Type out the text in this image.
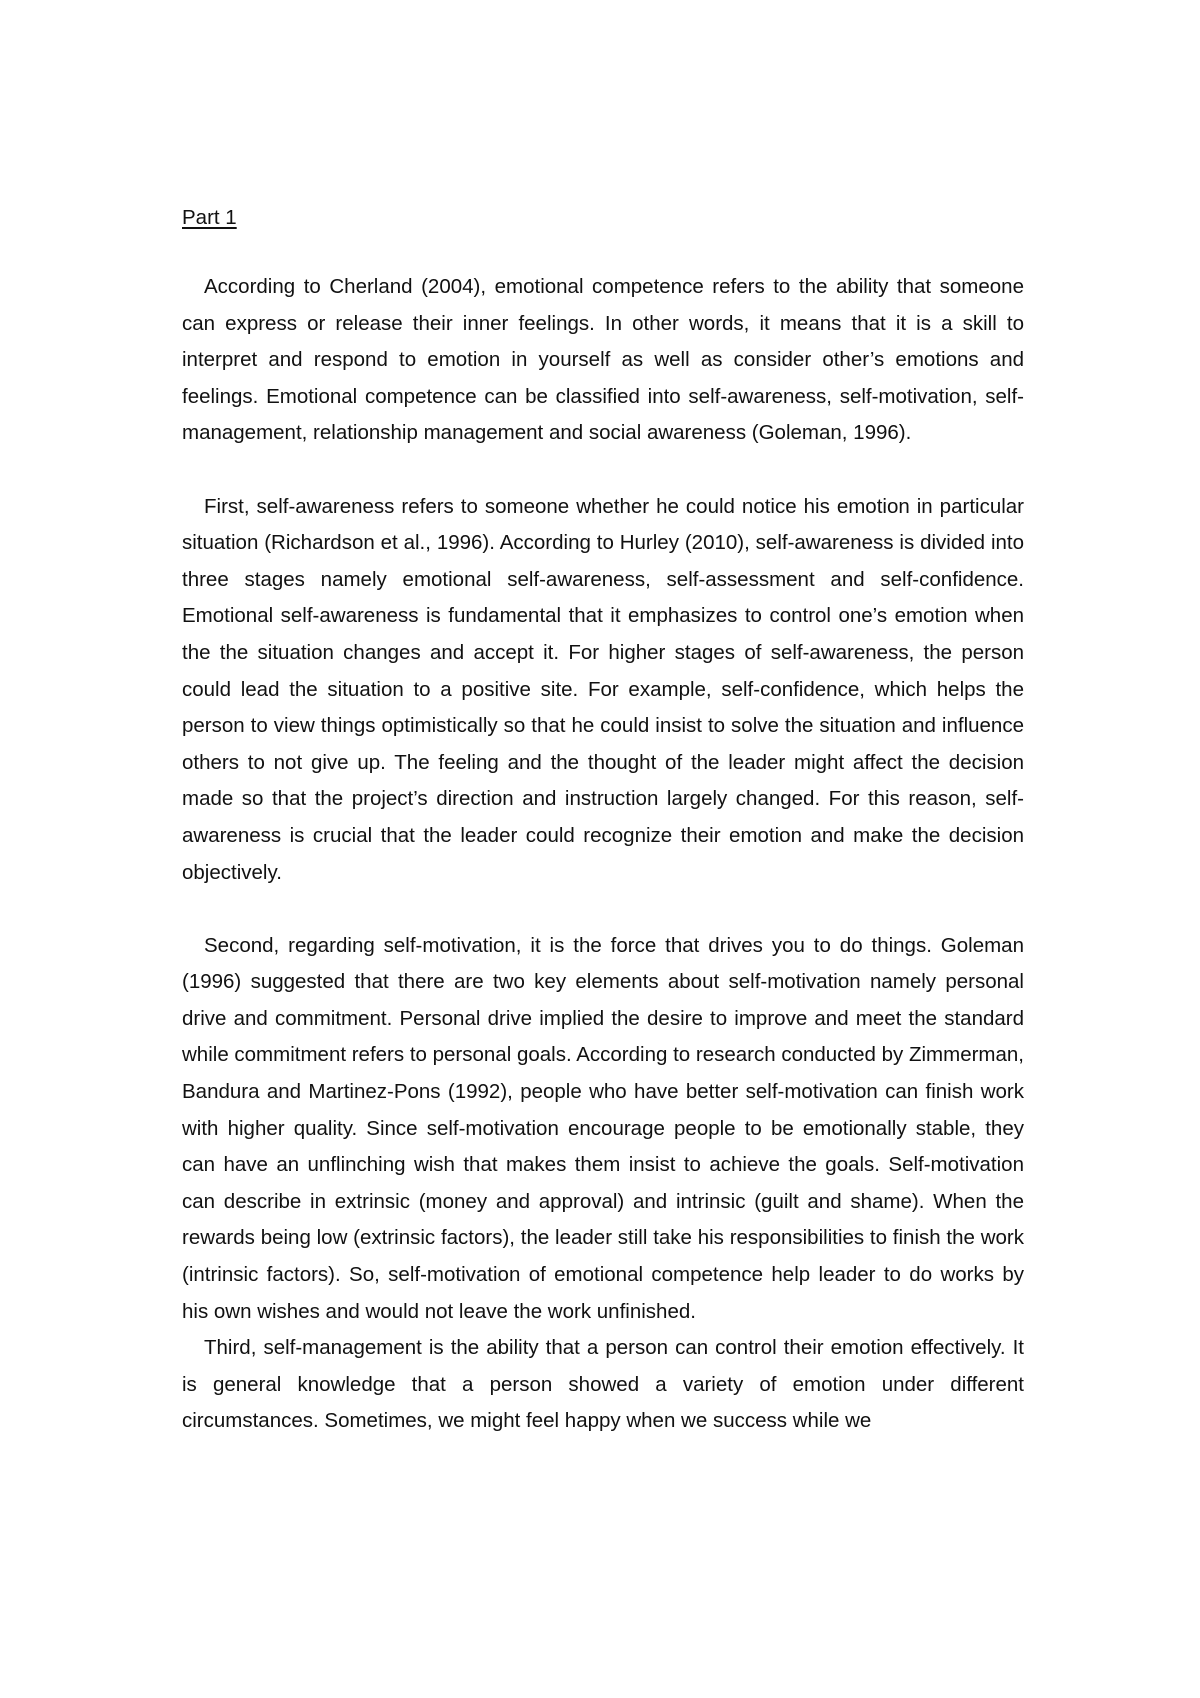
Part 1

According to Cherland (2004), emotional competence refers to the ability that someone can express or release their inner feelings. In other words, it means that it is a skill to interpret and respond to emotion in yourself as well as consider other’s emotions and feelings. Emotional competence can be classified into self-awareness, self-motivation, self-management, relationship management and social awareness (Goleman, 1996).

First, self-awareness refers to someone whether he could notice his emotion in particular situation (Richardson et al., 1996). According to Hurley (2010), self-awareness is divided into three stages namely emotional self-awareness, self-assessment and self-confidence. Emotional self-awareness is fundamental that it emphasizes to control one’s emotion when the the situation changes and accept it. For higher stages of self-awareness, the person could lead the situation to a positive site. For example, self-confidence, which helps the person to view things optimistically so that he could insist to solve the situation and influence others to not give up. The feeling and the thought of the leader might affect the decision made so that the project’s direction and instruction largely changed. For this reason, self-awareness is crucial that the leader could recognize their emotion and make the decision objectively.

Second, regarding self-motivation, it is the force that drives you to do things. Goleman (1996) suggested that there are two key elements about self-motivation namely personal drive and commitment. Personal drive implied the desire to improve and meet the standard while commitment refers to personal goals. According to research conducted by Zimmerman, Bandura and Martinez-Pons (1992), people who have better self-motivation can finish work with higher quality. Since self-motivation encourage people to be emotionally stable, they can have an unflinching wish that makes them insist to achieve the goals. Self-motivation can describe in extrinsic (money and approval) and intrinsic (guilt and shame). When the rewards being low (extrinsic factors), the leader still take his responsibilities to finish the work (intrinsic factors). So, self-motivation of emotional competence help leader to do works by his own wishes and would not leave the work unfinished.

Third, self-management is the ability that a person can control their emotion effectively. It is general knowledge that a person showed a variety of emotion under different circumstances. Sometimes, we might feel happy when we success while we
